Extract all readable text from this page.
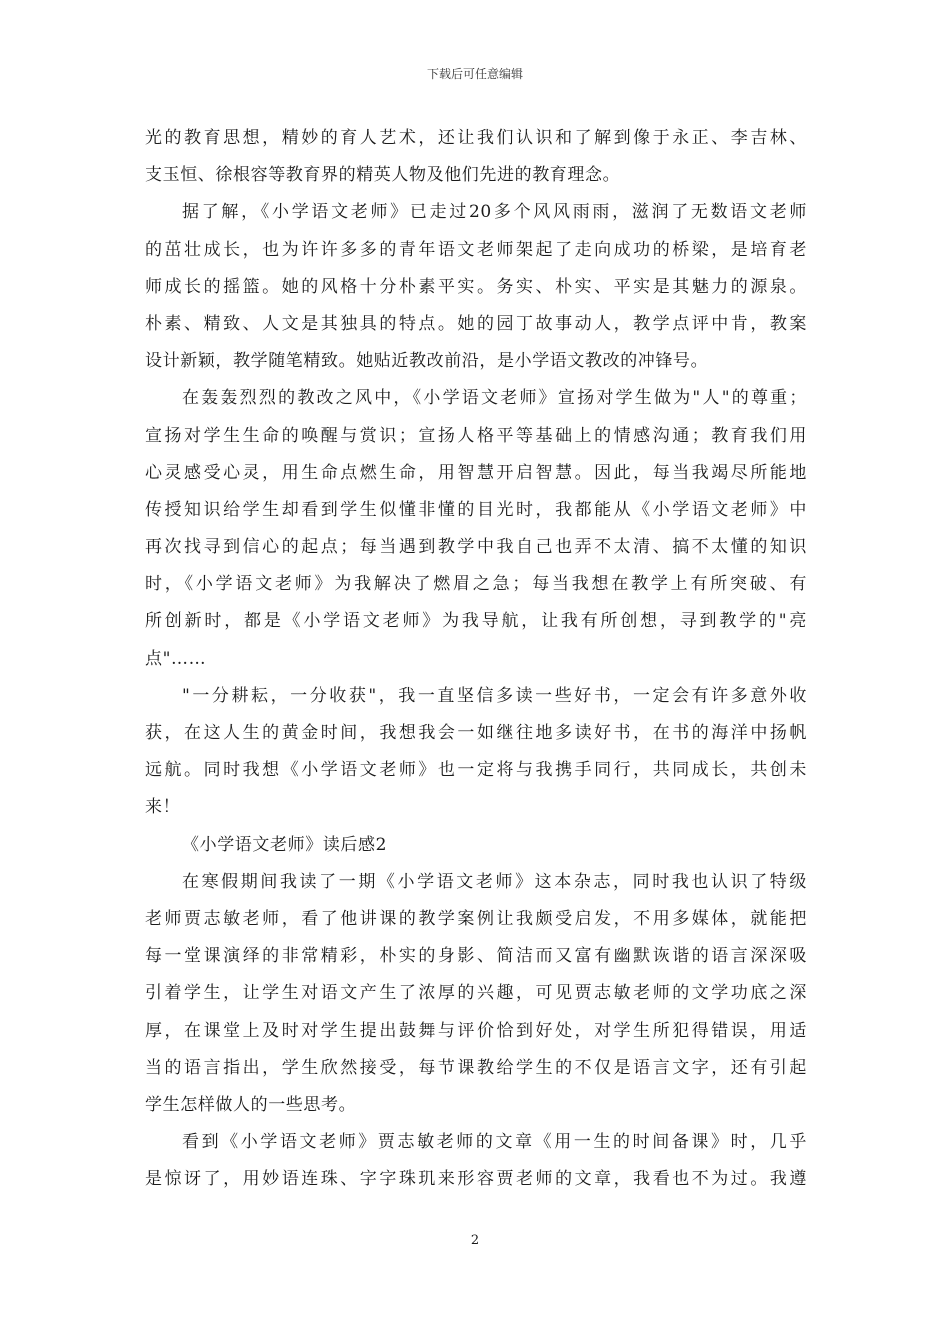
下载后可任意编辑
光的教育思想，精妙的育人艺术，还让我们认识和了解到像于永正、李吉林、
支玉恒、徐根容等教育界的精英人物及他们先进的教育理念。
据了解，《小学语文老师》已走过20多个风风雨雨，滋润了无数语文老师
的茁壮成长，也为许许多多的青年语文老师架起了走向成功的桥梁，是培育老
师成长的摇篮。她的风格十分朴素平实。务实、朴实、平实是其魅力的源泉。
朴素、精致、人文是其独具的特点。她的园丁故事动人，教学点评中肯，教案
设计新颖，教学随笔精致。她贴近教改前沿，是小学语文教改的冲锋号。
在轰轰烈烈的教改之风中，《小学语文老师》宣扬对学生做为"人"的尊重；
宣扬对学生生命的唤醒与赏识；宣扬人格平等基础上的情感沟通；教育我们用
心灵感受心灵，用生命点燃生命，用智慧开启智慧。因此，每当我竭尽所能地
传授知识给学生却看到学生似懂非懂的目光时，我都能从《小学语文老师》中
再次找寻到信心的起点；每当遇到教学中我自己也弄不太清、搞不太懂的知识
时，《小学语文老师》为我解决了燃眉之急；每当我想在教学上有所突破、有
所创新时，都是《小学语文老师》为我导航，让我有所创想，寻到教学的"亮
点"……
"一分耕耘，一分收获"，我一直坚信多读一些好书，一定会有许多意外收
获，在这人生的黄金时间，我想我会一如继往地多读好书，在书的海洋中扬帆
远航。同时我想《小学语文老师》也一定将与我携手同行，共同成长，共创未
来！
《小学语文老师》读后感2
在寒假期间我读了一期《小学语文老师》这本杂志，同时我也认识了特级
老师贾志敏老师，看了他讲课的教学案例让我颇受启发，不用多媒体，就能把
每一堂课演绎的非常精彩，朴实的身影、简洁而又富有幽默诙谐的语言深深吸
引着学生，让学生对语文产生了浓厚的兴趣，可见贾志敏老师的文学功底之深
厚，在课堂上及时对学生提出鼓舞与评价恰到好处，对学生所犯得错误，用适
当的语言指出，学生欣然接受，每节课教给学生的不仅是语言文字，还有引起
学生怎样做人的一些思考。
看到《小学语文老师》贾志敏老师的文章《用一生的时间备课》时，几乎
是惊讶了，用妙语连珠、字字珠玑来形容贾老师的文章，我看也不为过。我遵
2
